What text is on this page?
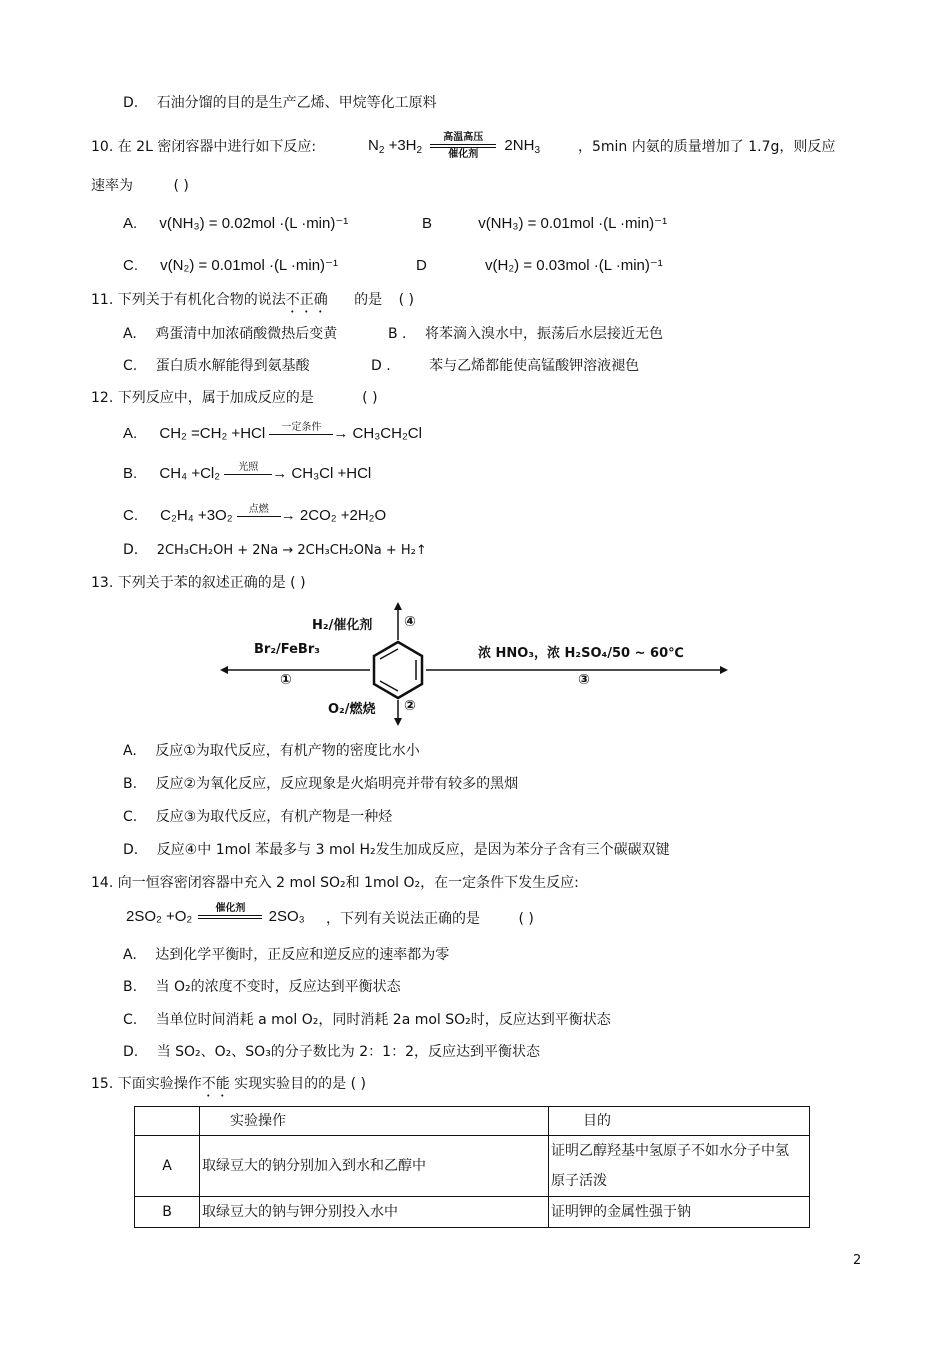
D. 石油分馏的目的是生产乙烯、甲烷等化工原料
10. 在 2L 密闭容器中进行如下反应:	$N_2 +3H_2$
高温高压
催化剂
$2NH_3$	，5min 内氨的质量增加了 1.7g，则反应
速率为	( )
A. v(NH₃) = 0.02mol ·(L ·min)⁻¹	B	v(NH₃) = 0.01mol ·(L ·min)⁻¹
C. v(N₂) = 0.01mol ·(L ·min)⁻¹	D	v(H₂) = 0.03mol ·(L ·min)⁻¹
11. 下列关于有机化合物的说法不正确 的是 ( )
A. 鸡蛋清中加浓硝酸微热后变黄	B . 将苯滴入溴水中，振荡后水层接近无色
C. 蛋白质水解能得到氨基酸	D .	苯与乙烯都能使高锰酸钾溶液褪色
12. 下列反应中，属于加成反应的是	( )
A. CH₂ =CH₂ +HCl	一定条件
→ CH₃CH₂Cl
B. CH₄ +Cl₂	光照
→ CH₃Cl +HCl
C. C₂H₄ +3O₂	点燃
→ 2CO₂ +2H₂O
D. 2CH₃CH₂OH + 2Na → 2CH₃CH₂ONa + H₂↑
13. 下列关于苯的叙述正确的是 ( )
H₂/催化剂 ④
Br₂/FeBr₃
①
浓 HNO₃，浓 H₂SO₄/50 ~ 60℃
③
O₂/燃烧 ②
A. 反应①为取代反应，有机产物的密度比水小
B. 反应②为氧化反应，反应现象是火焰明亮并带有较多的黑烟
C. 反应③为取代反应，有机产物是一种烃
D. 反应④中 1mol 苯最多与 3 mol H₂发生加成反应，是因为苯分子含有三个碳碳双键
14. 向一恒容密闭容器中充入 2 mol SO₂和 1mol O₂，在一定条件下发生反应:
2SO₂ +O₂	催化剂
	2SO₃ ，下列有关说法正确的是	( )
A. 达到化学平衡时，正反应和逆反应的速率都为零
B. 当 O₂的浓度不变时，反应达到平衡状态
C. 当单位时间消耗 a mol O₂，同时消耗 2a mol SO₂时，反应达到平衡状态
D. 当 SO₂、O₂、SO₃的分子数比为 2：1：2，反应达到平衡状态
15. 下面实验操作不能 实现实验目的的是 ( )
	实验操作	目的
A	取绿豆大的钠分别加入到水和乙醇中	证明乙醇羟基中氢原子不如水分子中氢
原子活泼

B	取绿豆大的钠与钾分别投入水中	证明钾的金属性强于钠
2
